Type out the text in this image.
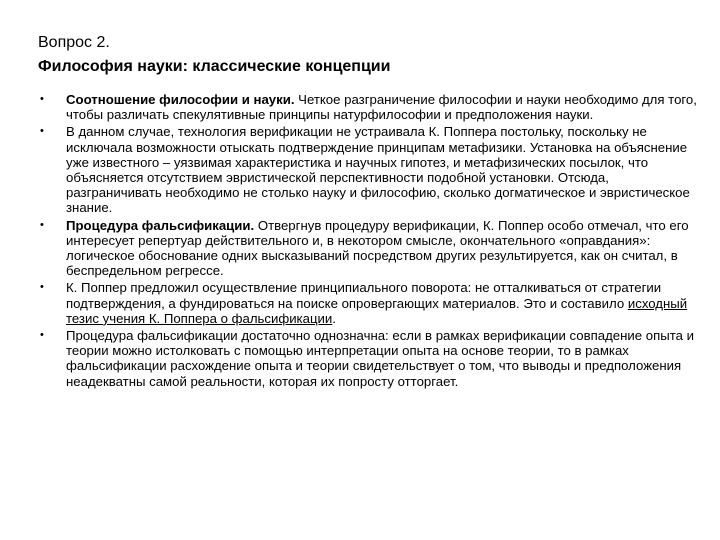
Вопрос 2.
Философия науки: классические концепции
• Соотношение философии и науки. Четкое разграничение философии и науки необходимо для того, чтобы различать спекулятивные принципы натурфилософии и предположения науки.
• В данном случае, технология верификации не устраивала К. Поппера постольку, поскольку не исключала возможности отыскать подтверждение принципам метафизики. Установка на объяснение уже известного – уязвимая характеристика и научных гипотез, и метафизических посылок, что объясняется отсутствием эвристической перспективности подобной установки. Отсюда, разграничивать необходимо не столько науку и философию, сколько догматическое и эвристическое знание.
• Процедура фальсификации. Отвергнув процедуру верификации, К. Поппер особо отмечал, что его интересует репертуар действительного и, в некотором смысле, окончательного «оправдания»: логическое обоснование одних высказываний посредством других результируется, как он считал, в беспредельном регрессе.
• К. Поппер предложил осуществление принципиального поворота: не отталкиваться от стратегии подтверждения, а фундироваться на поиске опровергающих материалов. Это и составило исходный тезис учения К. Поппера о фальсификации.
• Процедура фальсификации достаточно однозначна: если в рамках верификации совпадение опыта и теории можно истолковать с помощью интерпретации опыта на основе теории, то в рамках фальсификации расхождение опыта и теории свидетельствует о том, что выводы и предположения неадекватны самой реальности, которая их попросту отторгает.
